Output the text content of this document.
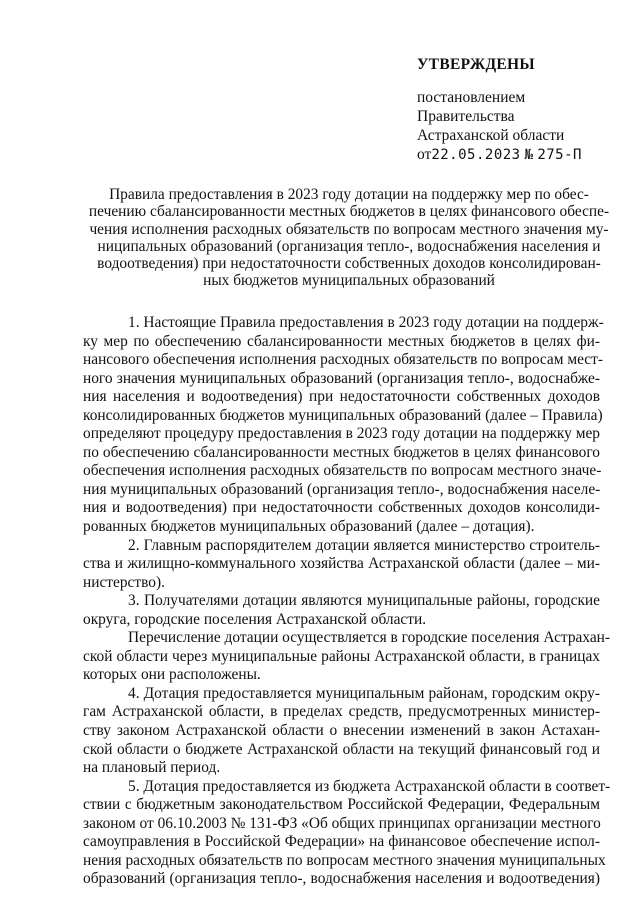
УТВЕРЖДЕНЫ
постановлением
Правительства
Астраханской области
от22.05.2023 № 275-П
Правила предоставления в 2023 году дотации на поддержку мер по обес-
печению сбалансированности местных бюджетов в целях финансового обеспе-
чения исполнения расходных обязательств по вопросам местного значения му-
ниципальных образований (организация тепло-, водоснабжения населения и
водоотведения) при недостаточности собственных доходов консолидирован-
ных бюджетов муниципальных образований
1. Настоящие Правила предоставления в 2023 году дотации на поддерж-
ку мер по обеспечению сбалансированности местных бюджетов в целях фи-
нансового обеспечения исполнения расходных обязательств по вопросам мест-
ного значения муниципальных образований (организация тепло-, водоснабже-
ния населения и водоотведения) при недостаточности собственных доходов
консолидированных бюджетов муниципальных образований (далее – Правила)
определяют процедуру предоставления в 2023 году дотации на поддержку мер
по обеспечению сбалансированности местных бюджетов в целях финансового
обеспечения исполнения расходных обязательств по вопросам местного значе-
ния муниципальных образований (организация тепло-, водоснабжения населе-
ния и водоотведения) при недостаточности собственных доходов консолиди-
рованных бюджетов муниципальных образований (далее – дотация).
2. Главным распорядителем дотации является министерство строитель-
ства и жилищно-коммунального хозяйства Астраханской области (далее – ми-
нистерство).
3. Получателями дотации являются муниципальные районы, городские
округа, городские поселения Астраханской области.
Перечисление дотации осуществляется в городские поселения Астрахан-
ской области через муниципальные районы Астраханской области, в границах
которых они расположены.
4. Дотация предоставляется муниципальным районам, городским окру-
гам Астраханской области, в пределах средств, предусмотренных министер-
ству законом Астраханской области о внесении изменений в закон Астахан-
ской области о бюджете Астраханской области на текущий финансовый год и
на плановый период.
5. Дотация предоставляется из бюджета Астраханской области в соответ-
ствии с бюджетным законодательством Российской Федерации, Федеральным
законом от 06.10.2003 № 131-ФЗ «Об общих принципах организации местного
самоуправления в Российской Федерации» на финансовое обеспечение испол-
нения расходных обязательств по вопросам местного значения муниципальных
образований (организация тепло-, водоснабжения населения и водоотведения)
